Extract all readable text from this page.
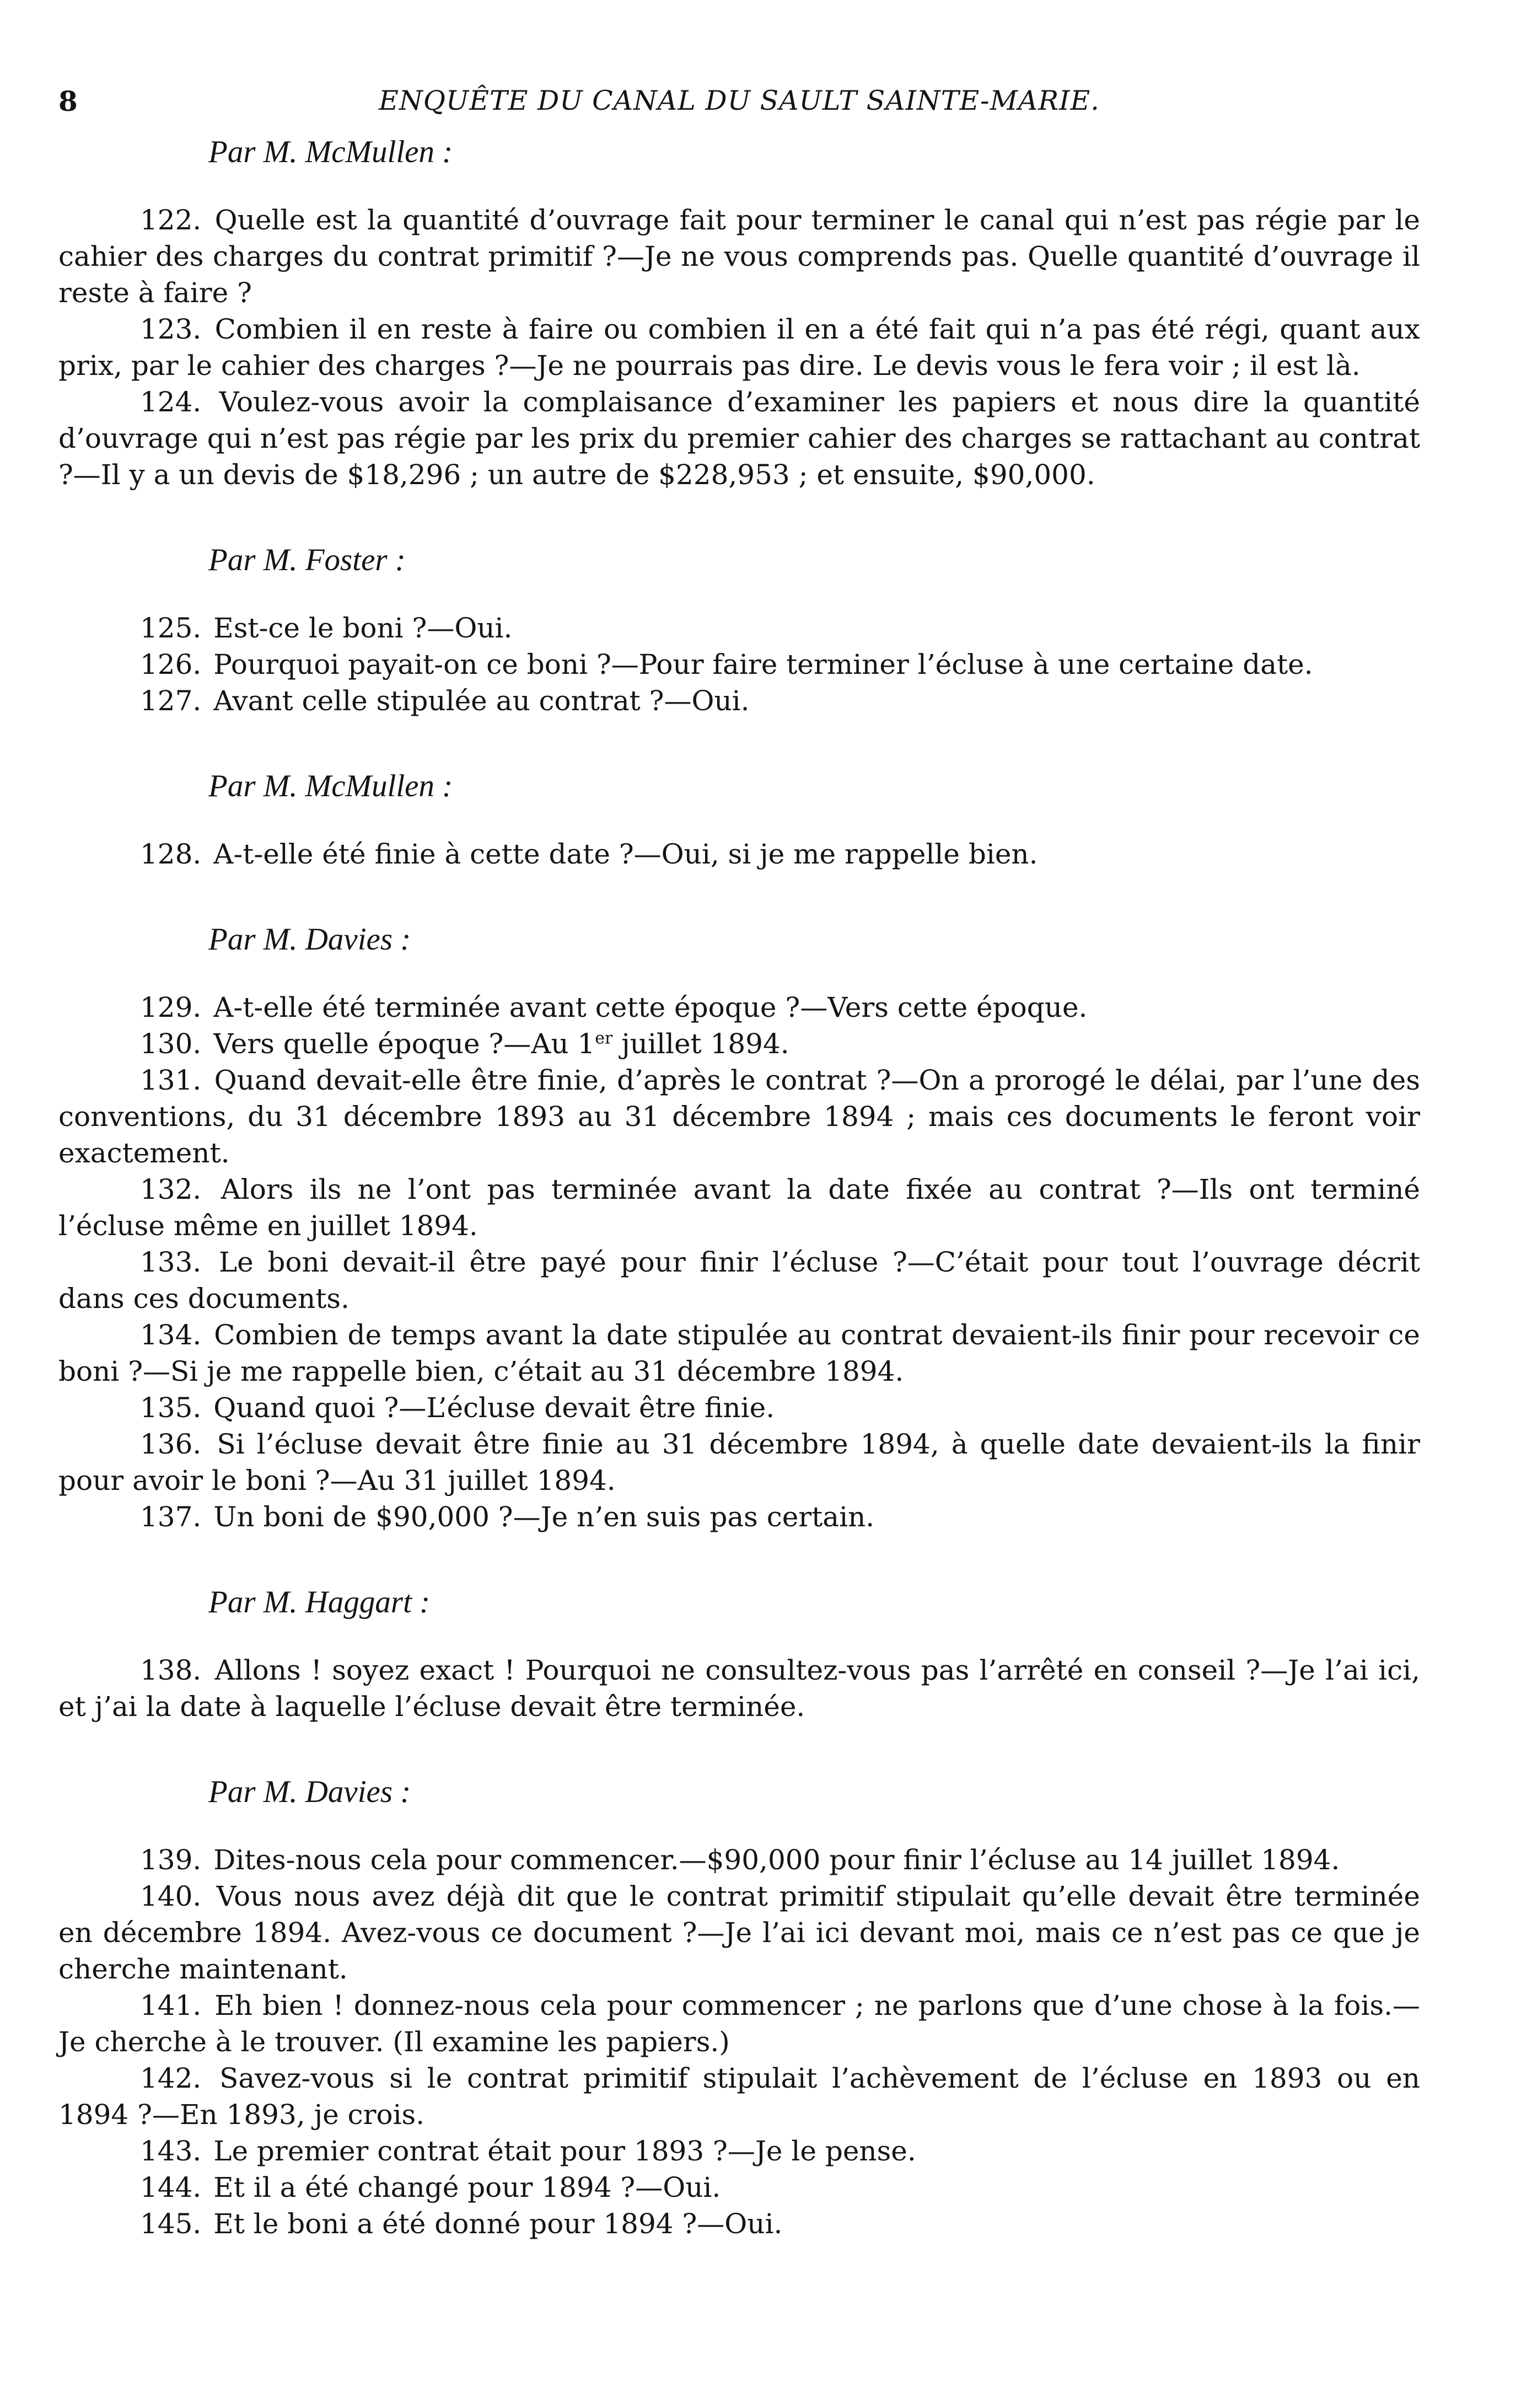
8	ENQUÊTE DU CANAL DU SAULT SAINTE-MARIE.
Par M. McMullen :

122. Quelle est la quantité d’ouvrage fait pour terminer le canal qui n’est pas régie par le cahier des charges du contrat primitif ?—Je ne vous comprends pas. Quelle quantité d’ouvrage il reste à faire ?

123. Combien il en reste à faire ou combien il en a été fait qui n’a pas été régi, quant aux prix, par le cahier des charges ?—Je ne pourrais pas dire. Le devis vous le fera voir ; il est là.

124. Voulez-vous avoir la complaisance d’examiner les papiers et nous dire la quantité d’ouvrage qui n’est pas régie par les prix du premier cahier des charges se rattachant au contrat ?—Il y a un devis de $18,296 ; un autre de $228,953 ; et ensuite, $90,000.

Par M. Foster :

125. Est-ce le boni ?—Oui.

126. Pourquoi payait-on ce boni ?—Pour faire terminer l’écluse à une certaine date.

127. Avant celle stipulée au contrat ?—Oui.

Par M. McMullen :

128. A-t-elle été finie à cette date ?—Oui, si je me rappelle bien.

Par M. Davies :

129. A-t-elle été terminée avant cette époque ?—Vers cette époque.

130. Vers quelle époque ?—Au 1er juillet 1894.

131. Quand devait-elle être finie, d’après le contrat ?—On a prorogé le délai, par l’une des conventions, du 31 décembre 1893 au 31 décembre 1894 ; mais ces documents le feront voir exactement.

132. Alors ils ne l’ont pas terminée avant la date fixée au contrat ?—Ils ont terminé l’écluse même en juillet 1894.

133. Le boni devait-il être payé pour finir l’écluse ?—C’était pour tout l’ouvrage décrit dans ces documents.

134. Combien de temps avant la date stipulée au contrat devaient-ils finir pour recevoir ce boni ?—Si je me rappelle bien, c’était au 31 décembre 1894.

135. Quand quoi ?—L’écluse devait être finie.

136. Si l’écluse devait être finie au 31 décembre 1894, à quelle date devaient-ils la finir pour avoir le boni ?—Au 31 juillet 1894.

137. Un boni de $90,000 ?—Je n’en suis pas certain.

Par M. Haggart :

138. Allons ! soyez exact ! Pourquoi ne consultez-vous pas l’arrêté en conseil ?—Je l’ai ici, et j’ai la date à laquelle l’écluse devait être terminée.

Par M. Davies :

139. Dites-nous cela pour commencer.—$90,000 pour finir l’écluse au 14 juillet 1894.

140. Vous nous avez déjà dit que le contrat primitif stipulait qu’elle devait être terminée en décembre 1894. Avez-vous ce document ?—Je l’ai ici devant moi, mais ce n’est pas ce que je cherche maintenant.

141. Eh bien ! donnez-nous cela pour commencer ; ne parlons que d’une chose à la fois.—Je cherche à le trouver. (Il examine les papiers.)

142. Savez-vous si le contrat primitif stipulait l’achèvement de l’écluse en 1893 ou en 1894 ?—En 1893, je crois.

143. Le premier contrat était pour 1893 ?—Je le pense.

144. Et il a été changé pour 1894 ?—Oui.

145. Et le boni a été donné pour 1894 ?—Oui.
